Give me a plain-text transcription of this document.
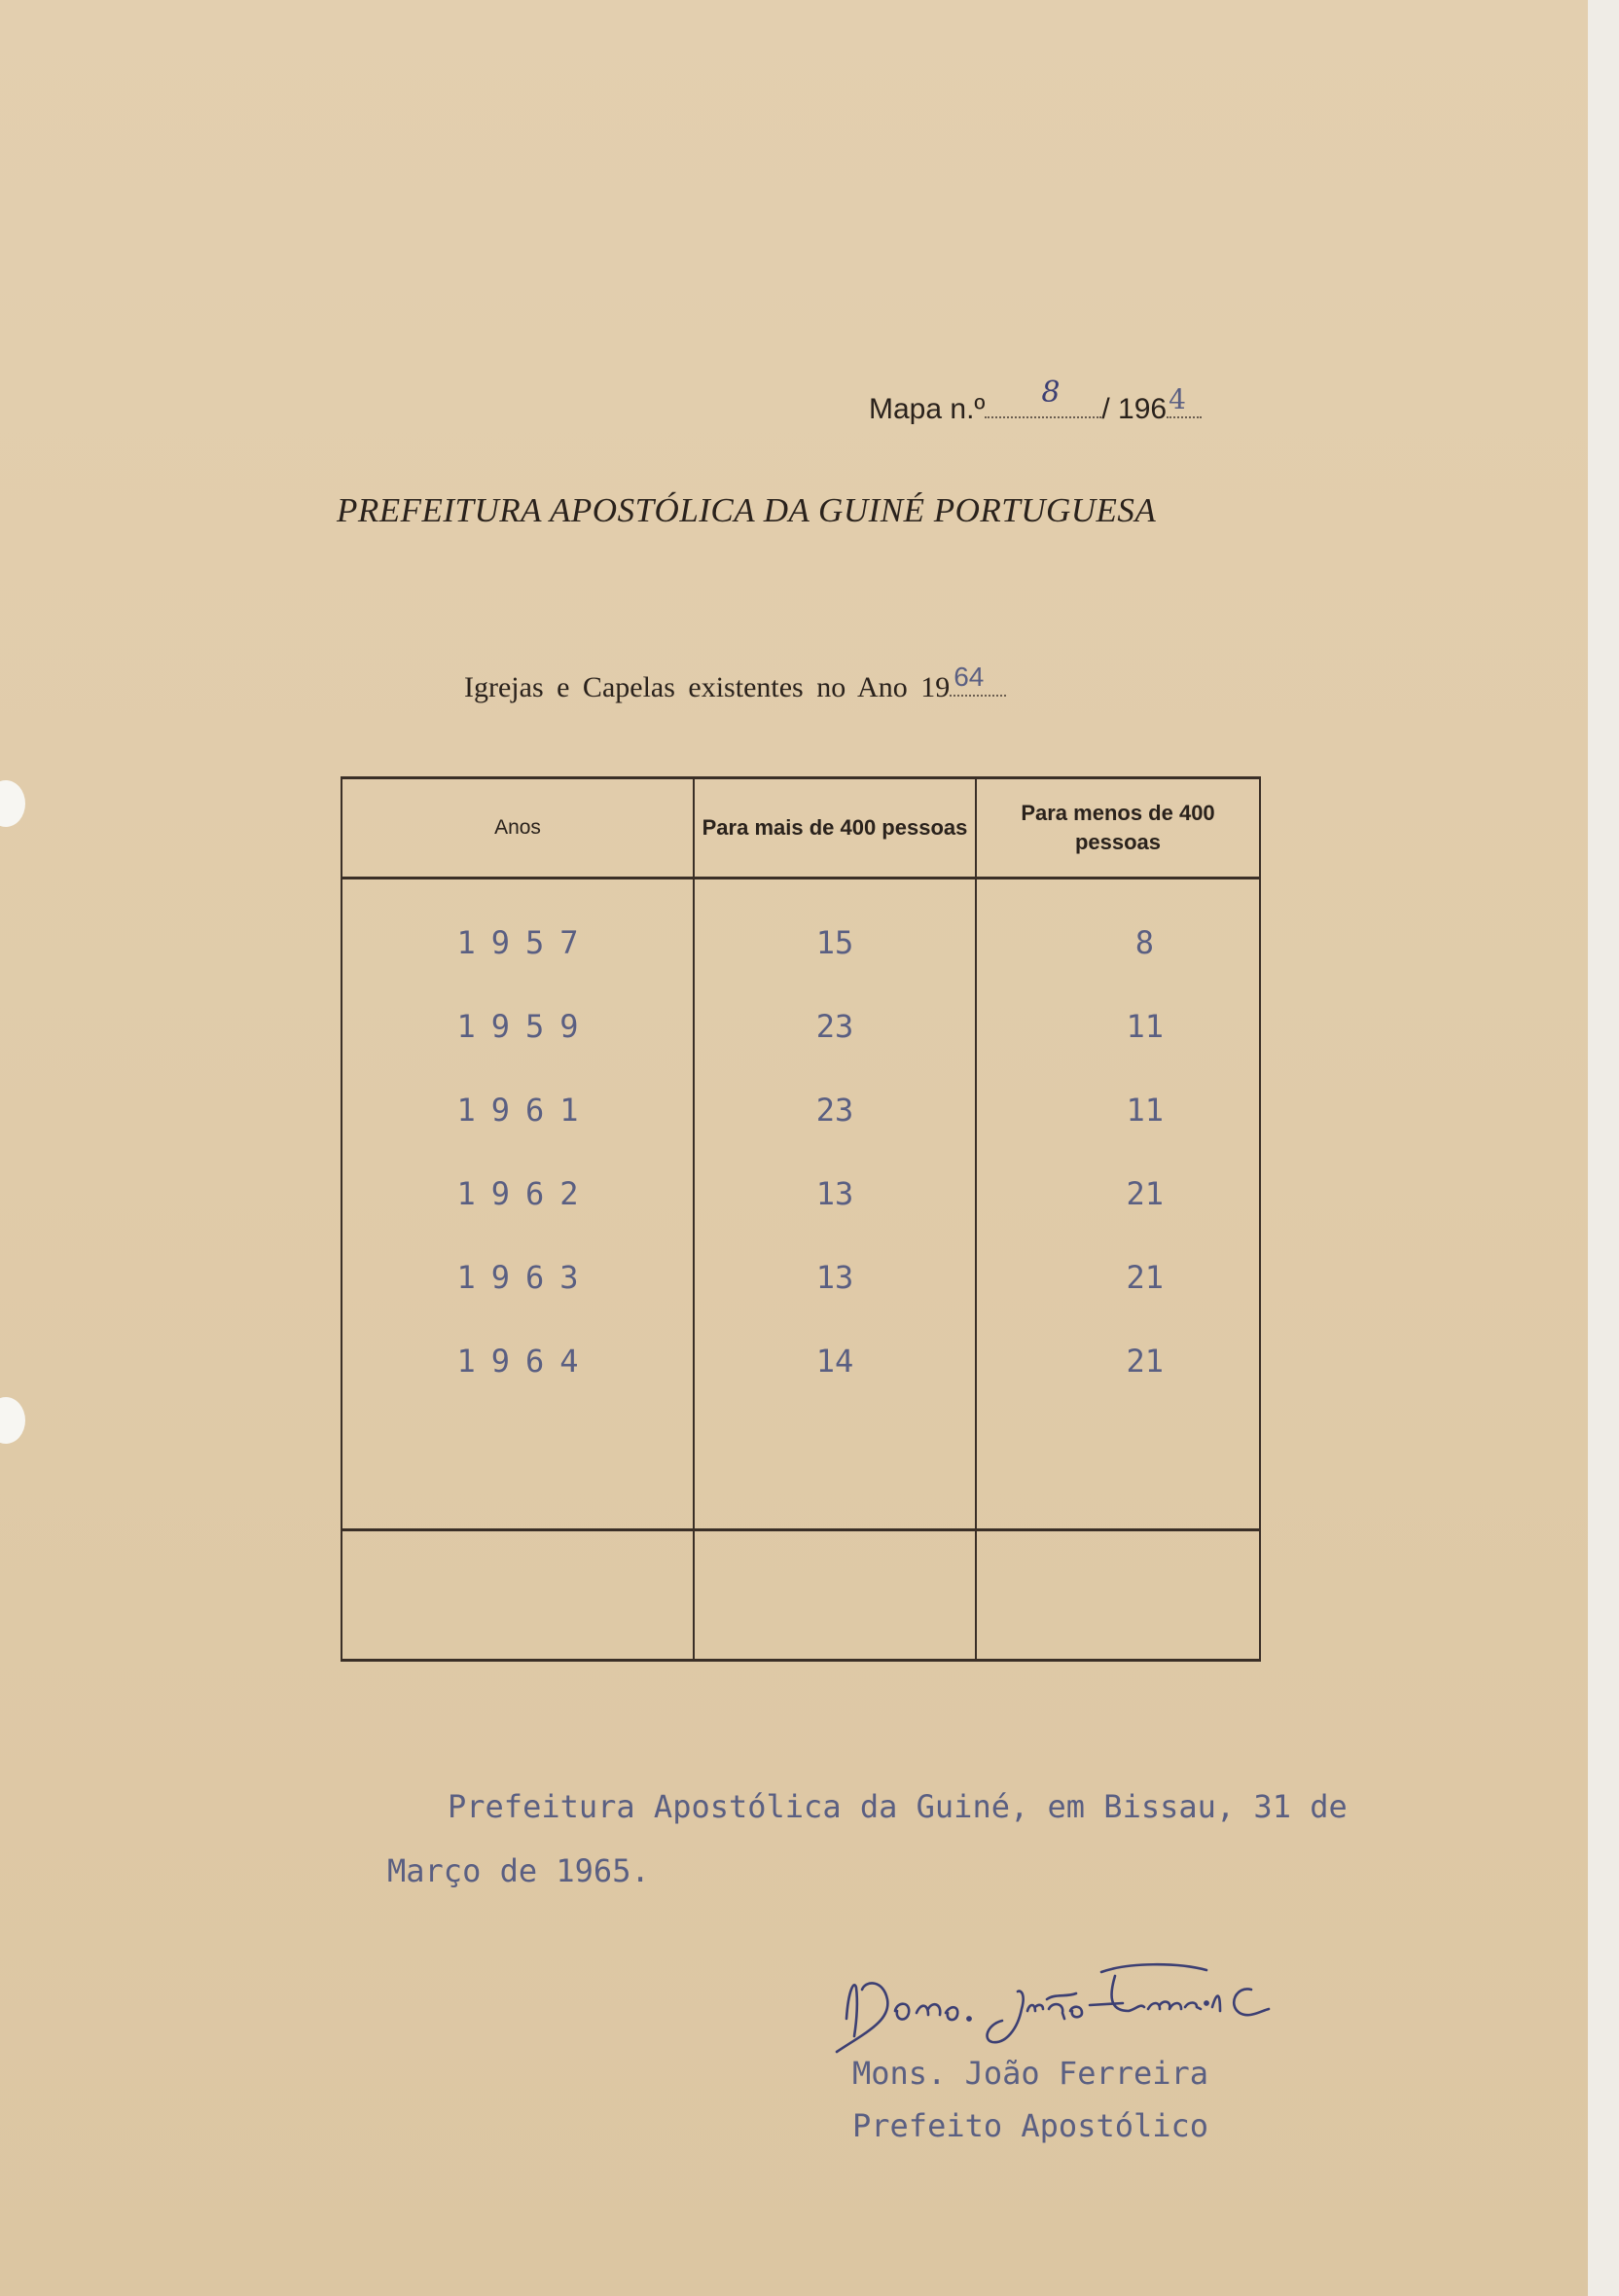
Mapa n.º 8 / 196 4
PREFEITURA APOSTÓLICA DA GUINÉ PORTUGUESA
Igrejas e Capelas existentes no Ano 19 64
Anos	Para mais de 400 pessoas	Para menos de 400 pessoas

1957	15	8
1959	23	11
1961	23	11
1962	13	21
1963	13	21
1964	14	21

Prefeitura Apostólica da Guiné, em Bissau, 31 de
Março de 1965.
Mons. João Ferreira
Prefeito Apostólico
